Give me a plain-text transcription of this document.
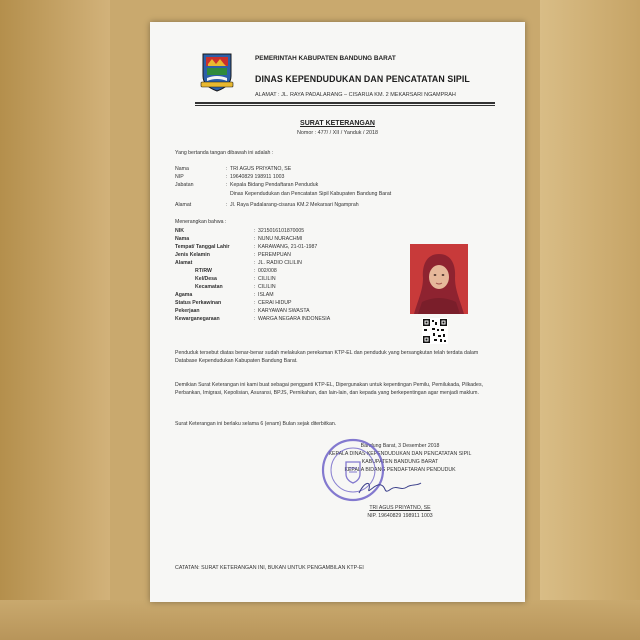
PEMERINTAH KABUPATEN BANDUNG BARAT
DINAS KEPENDUDUKAN DAN PENCATATAN SIPIL
ALAMAT : JL. RAYA PADALARANG – CISARUA KM. 2 MEKARSARI NGAMPRAH
SURAT KETERANGAN
Nomor : 477/ / XII / Yanduk / 2018
Yang bertanda tangan dibawah ini adalah :
Nama	: TRI AGUS PRIYATNO, SE
NIP	: 19640829 198911 1003
Jabatan	: Kepala Bidang Pendaftaran Penduduk
Dinas Kependudukan dan Pencatatan Sipil Kabupaten Bandung Barat
Alamat	: Jl. Raya Padalarang-cisarua KM.2 Mekarsari Ngamprah
Menerangkan bahwa :
NIK	: 3215016101870005
Nama	: NUNU NURACHMI
Tempat/ Tanggal Lahir	: KARAWANG, 21-01-1987
Jenis Kelamin	: PEREMPUAN
Alamat	: JL. RADIO CILILIN
RT/RW	: 002/008
Kel/Desa	: CILILIN
Kecamatan	: CILILIN
Agama	: ISLAM
Status Perkawinan	: CERAI HIDUP
Pekerjaan	: KARYAWAN SWASTA
Kewarganegaraan	: WARGA NEGARA INDONESIA
Penduduk tersebut diatas benar-benar sudah melakukan perekaman KTP-EL dan penduduk yang bersangkutan telah terdata dalam Database Kependudukan Kabupaten Bandung Barat.
Demikian Surat Keterangan ini kami buat sebagai pengganti KTP-EL, Dipergunakan untuk kepentingan Pemilu, Pemilukada, Pilkades, Perbankan, Imigrasi, Kepolisian, Asuransi, BPJS, Pernikahan, dan lain-lain, dan kepada yang berkepentingan agar menjadi maklum.
Surat Keterangan ini berlaku selama 6 (enam) Bulan sejak diterbitkan.
Bandung Barat, 3 Desember 2018
KEPALA DINAS KEPENDUDUKAN DAN PENCATATAN SIPIL
KABUPATEN BANDUNG BARAT
KEPALA BIDANG PENDAFTARAN PENDUDUK
TRI AGUS PRIYATNO, SE
NIP. 19640829 198911 1003
CATATAN: SURAT KETERANGAN INI, BUKAN UNTUK PENGAMBILAN KTP-El
